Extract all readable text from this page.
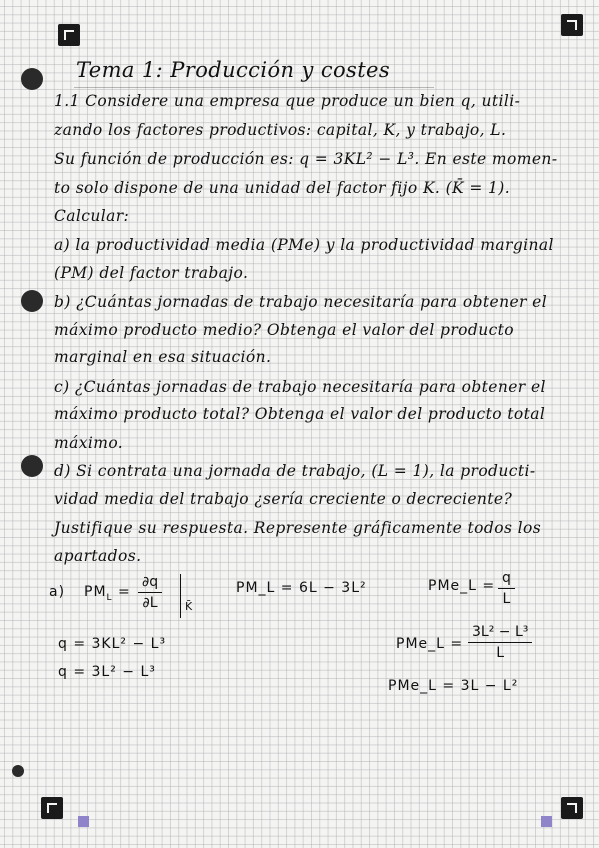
Tema 1: Producción y costes
1.1 Considere una empresa que produce un bien q, utili-
zando los factores productivos: capital, K, y trabajo, L.
Su función de producción es: q = 3KL² − L³. En este momen-
to solo dispone de una unidad del factor fijo K. (K̄ = 1).
Calcular:
a) la productividad media (PMe) y la productividad marginal
(PM) del factor trabajo.
b) ¿Cuántas jornadas de trabajo necesitaría para obtener el
máximo producto medio? Obtenga el valor del producto
marginal en esa situación.
c) ¿Cuántas jornadas de trabajo necesitaría para obtener el
máximo producto total? Obtenga el valor del producto total
máximo.
d) Si contrata una jornada de trabajo, (L = 1), la producti-
vidad media del trabajo ¿sería creciente o decreciente?
Justifique su respuesta. Represente gráficamente todos los
apartados.
a) $PM_L$ =
∂q
∂L	K̄
PM_L = 6L − 3L²	PMe_L = q
L
q = 3KL² − L³
q = 3L² − L³
PMe_L =
3L² − L³
L
PMe_L = 3L − L²
